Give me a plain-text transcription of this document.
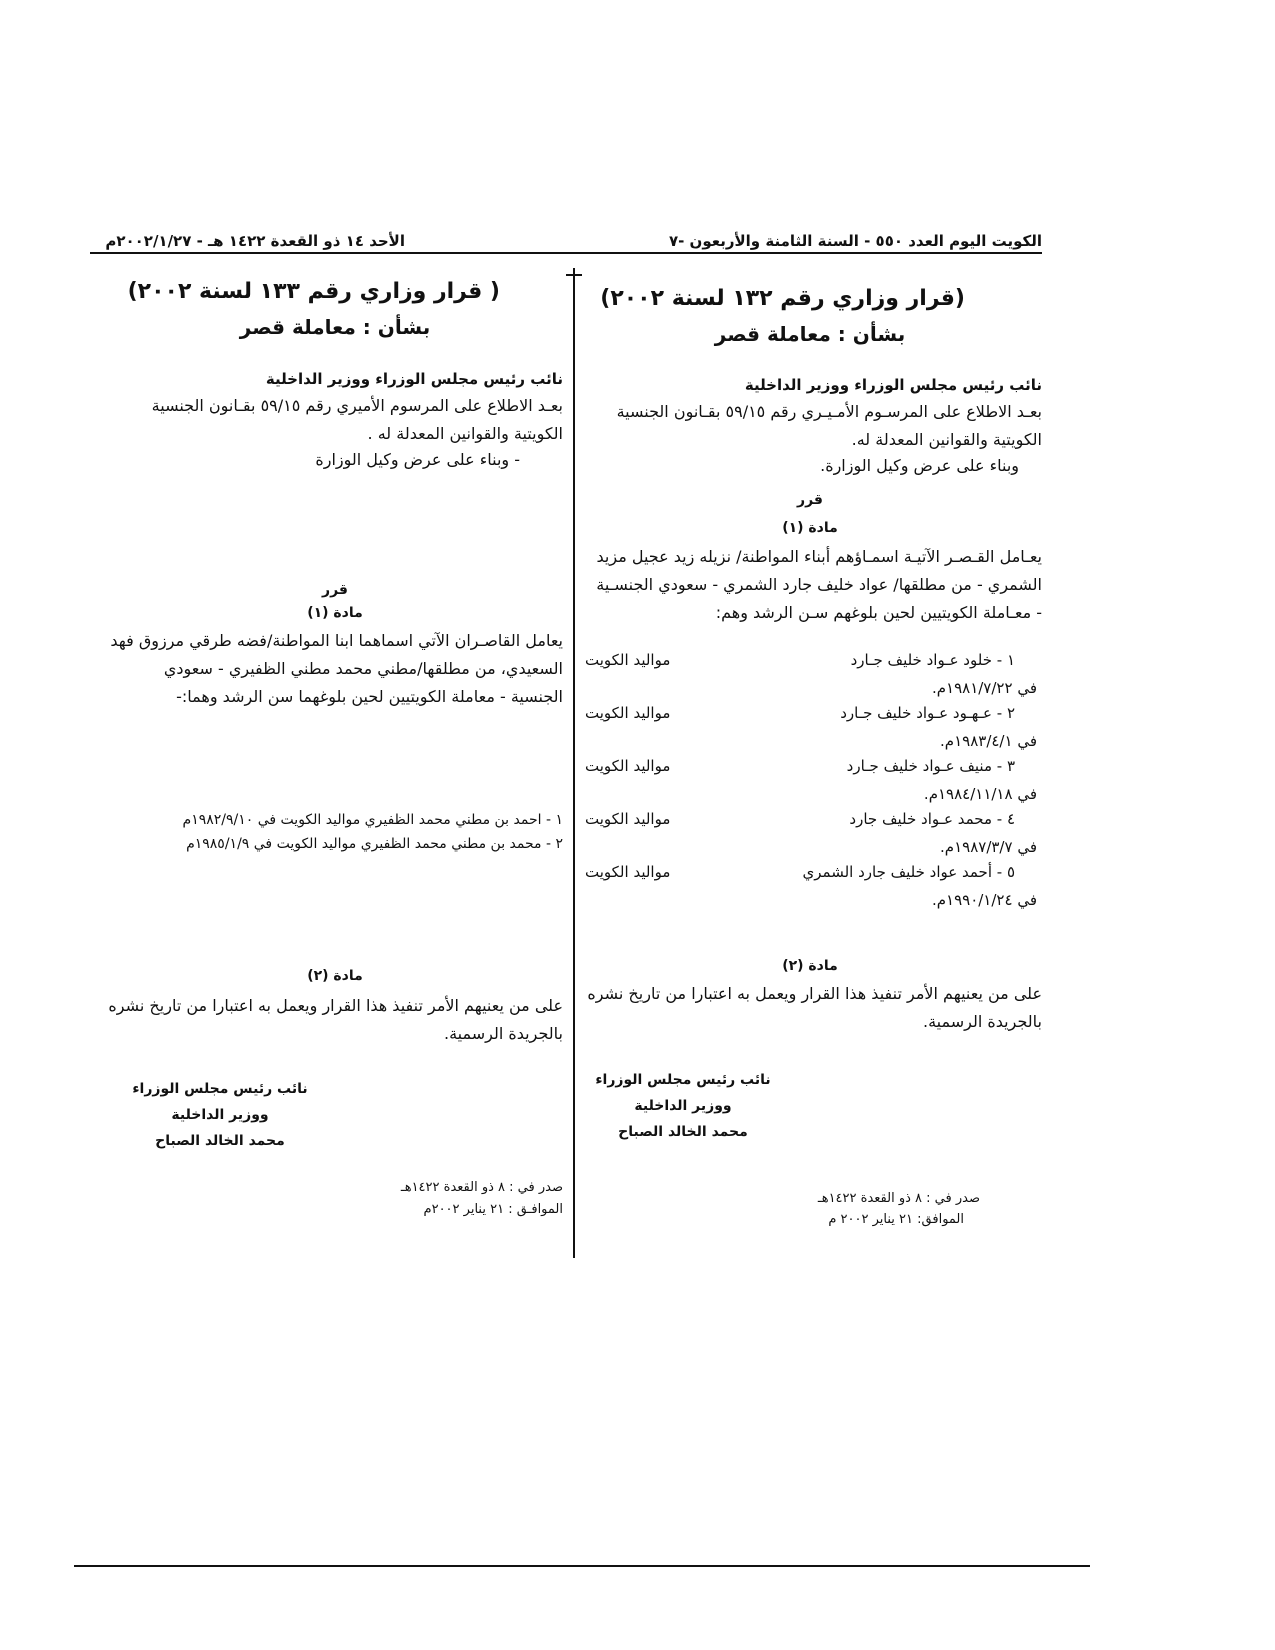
الكويت اليوم العدد ٥٥٠ - السنة الثامنة والأربعون -٧
الأحد ١٤ ذو القعدة ١٤٢٢ هـ - ٢٠٠٢/١/٢٧م
(قرار وزاري رقم ١٣٢ لسنة ٢٠٠٢)
بشأن : معاملة قصر
نائب رئيس مجلس الوزراء ووزير الداخلية
بعـد الاطلاع على المرسـوم الأمـيـري رقم ٥٩/١٥ بقـانون الجنسية الكويتية والقوانين المعدلة له.
وبناء على عرض وكيل الوزارة.
قرر
مادة (١)
يعـامل القـصـر الآتيـة اسمـاؤهم أبناء المواطنة/ نزيله زيد عجيل مزيد الشمري - من مطلقها/ عواد خليف جارد الشمري - سعودي الجنسـية - معـاملة الكويتيين لحين بلوغهم سـن الرشد وهم:
١ - خلود عـواد خليف جـارد
مواليد الكويت
في ١٩٨١/٧/٢٢م.
٢ - عـهـود عـواد خليف جـارد
مواليد الكويت
في ١٩٨٣/٤/١م.
٣ - منيف عـواد خليف جـارد
مواليد الكويت
في ١٩٨٤/١١/١٨م.
٤ - محمد عـواد خليف جارد
مواليد الكويت
في ١٩٨٧/٣/٧م.
٥ - أحمد عواد خليف جارد الشمري
مواليد الكويت
في ١٩٩٠/١/٢٤م.
مادة (٢)
على من يعنيهم الأمر تنفيذ هذا القرار ويعمل به اعتبارا من تاريخ نشره بالجريدة الرسمية.
نائب رئيس مجلس الوزراء
ووزير الداخلية
محمد الخالد الصباح
صدر في : ٨ ذو القعدة ١٤٢٢هـ
الموافق: ٢١ يناير ٢٠٠٢ م
( قرار وزاري رقم ١٣٣ لسنة ٢٠٠٢)
بشأن : معاملة قصر
نائب رئيس مجلس الوزراء ووزير الداخلية
بعـد الاطلاع على المرسوم الأميري رقم ٥٩/١٥ بقـانون الجنسية الكويتية والقوانين المعدلة له .
- وبناء على عرض وكيل الوزارة
قرر
مادة (١)
يعامل القاصـران الآتي اسماهما ابنا المواطنة/فضه طرقي مرزوق فهد السعيدي، من مطلقها/مطني محمد مطني الظفيري - سعودي الجنسية - معاملة الكويتيين لحين بلوغهما سن الرشد وهما:-
١ - احمد بن مطني محمد الظفيري مواليد الكويت في ١٩٨٢/٩/١٠م
٢ - محمد بن مطني محمد الظفيري مواليد الكويت في ١٩٨٥/١/٩م
مادة (٢)
على من يعنيهم الأمر تنفيذ هذا القرار ويعمل به اعتبارا من تاريخ نشره بالجريدة الرسمية.
نائب رئيس مجلس الوزراء
ووزير الداخلية
محمد الخالد الصباح
صدر في : ٨ ذو القعدة ١٤٢٢هـ
الموافـق : ٢١ يناير ٢٠٠٢م
